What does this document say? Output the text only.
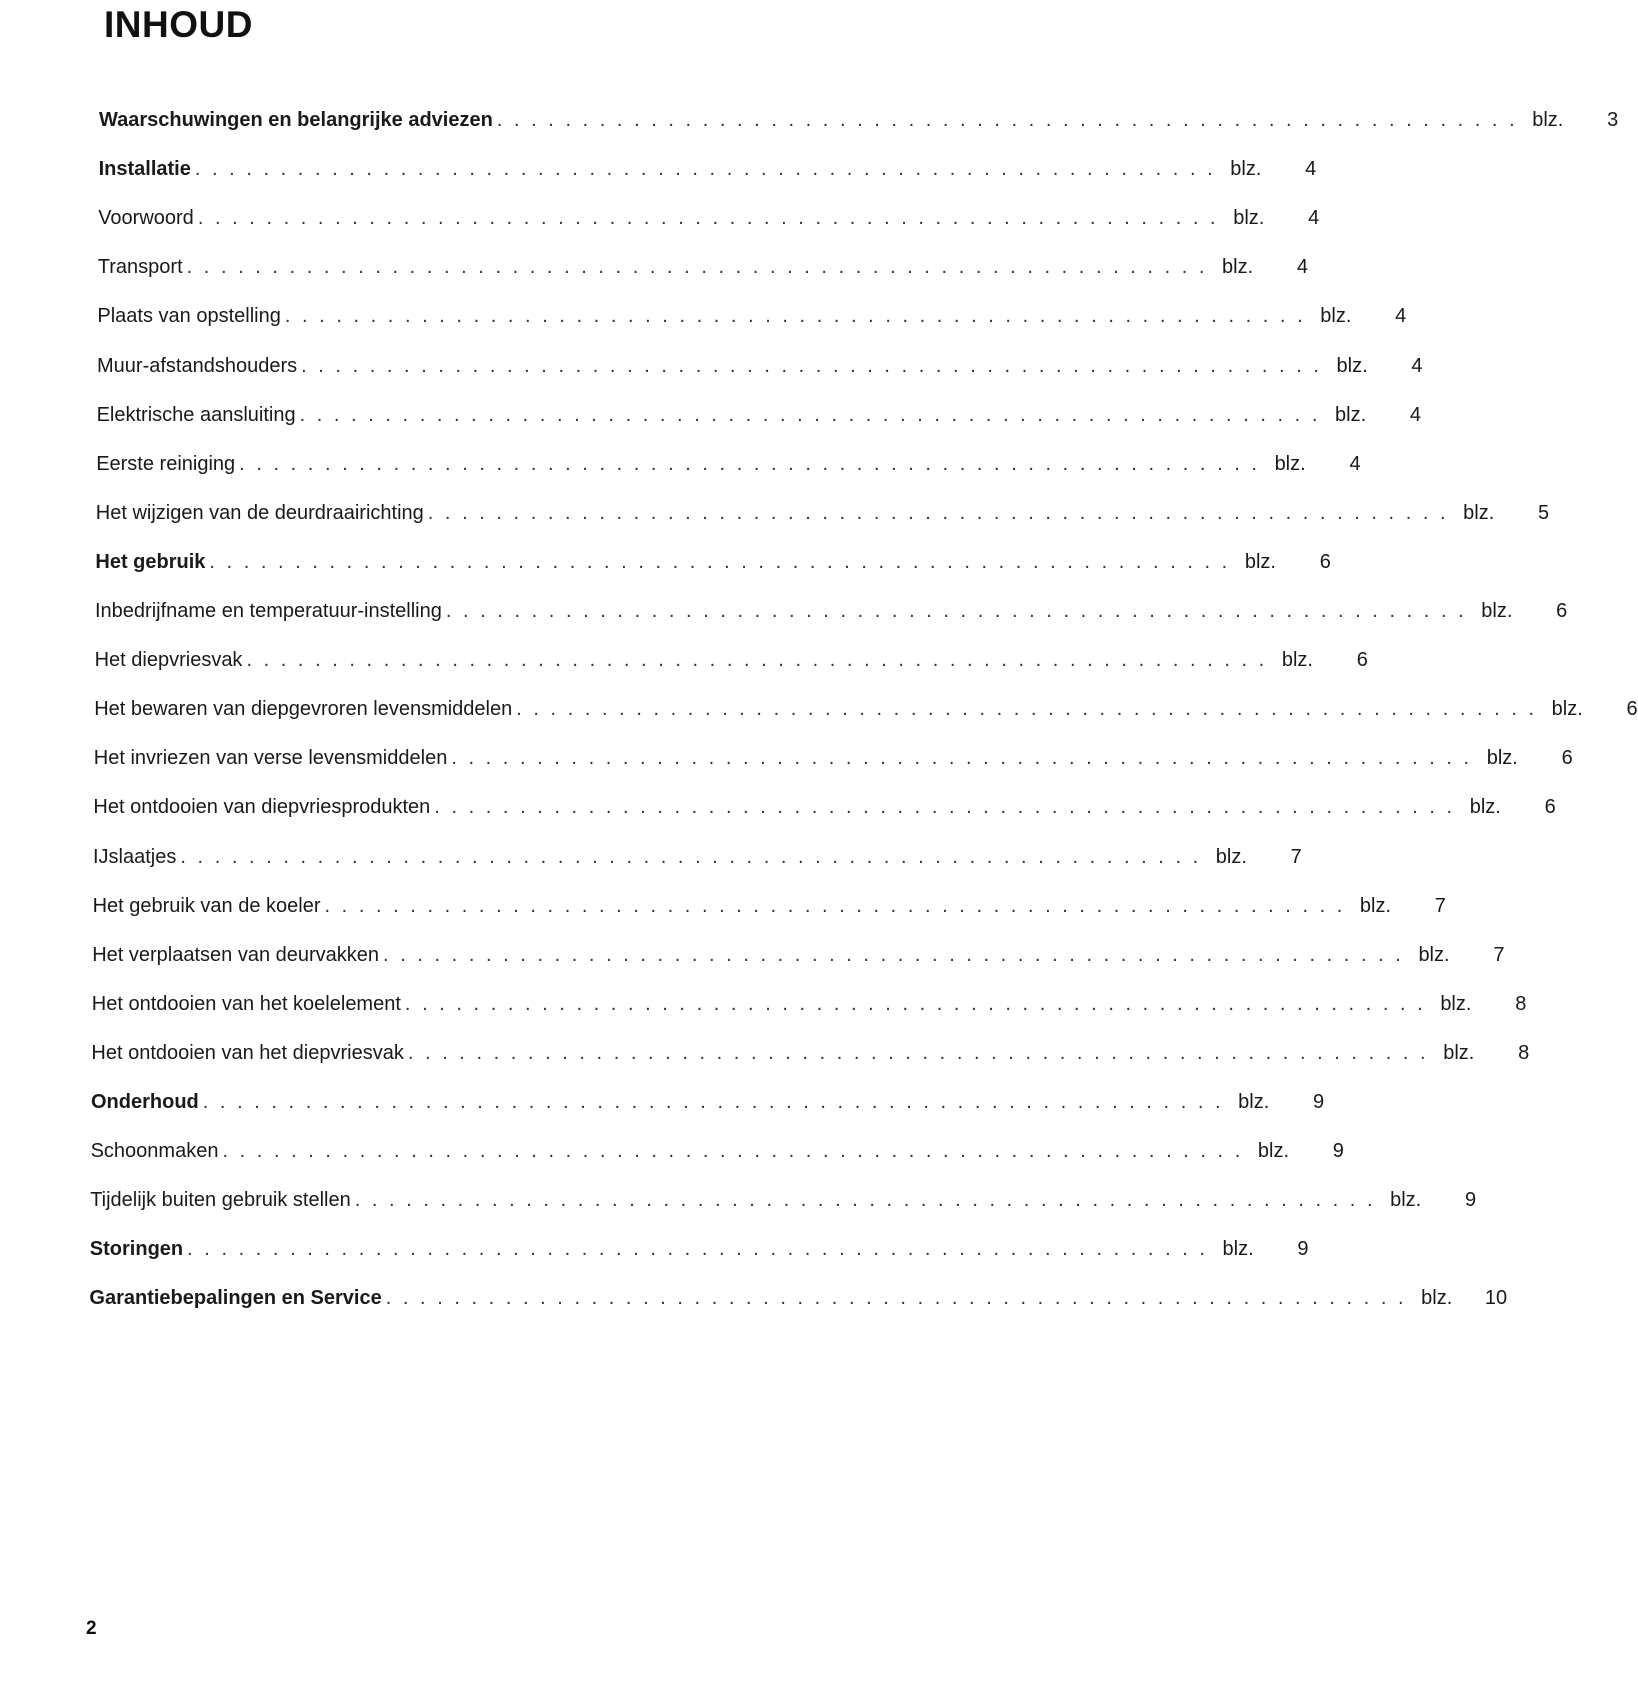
INHOUD
Waarschuwingen en belangrijke adviezen ............................................................ blz.	3
Installatie ............................................................ blz.	4
Voorwoord ............................................................ blz.	4
Transport ............................................................ blz.	4
Plaats van opstelling ............................................................ blz.	4
Muur-afstandshouders ............................................................ blz.	4
Elektrische aansluiting ............................................................ blz.	4
Eerste reiniging ............................................................ blz.	4
Het wijzigen van de deurdraairichting ............................................................ blz.	5
Het gebruik ............................................................ blz.	6
Inbedrijfname en temperatuur-instelling ............................................................ blz.	6
Het diepvriesvak ............................................................ blz.	6
Het bewaren van diepgevroren levensmiddelen ............................................................ blz.	6
Het invriezen van verse levensmiddelen ............................................................ blz.	6
Het ontdooien van diepvriesprodukten ............................................................ blz.	6
IJslaatjes ............................................................ blz.	7
Het gebruik van de koeler ............................................................ blz.	7
Het verplaatsen van deurvakken ............................................................ blz.	7
Het ontdooien van het koelelement ............................................................ blz.	8
Het ontdooien van het diepvriesvak ............................................................ blz.	8
Onderhoud ............................................................ blz.	9
Schoonmaken ............................................................ blz.	9
Tijdelijk buiten gebruik stellen ............................................................ blz.	9
Storingen ............................................................ blz.	9
Garantiebepalingen en Service ............................................................ blz.	10
2
